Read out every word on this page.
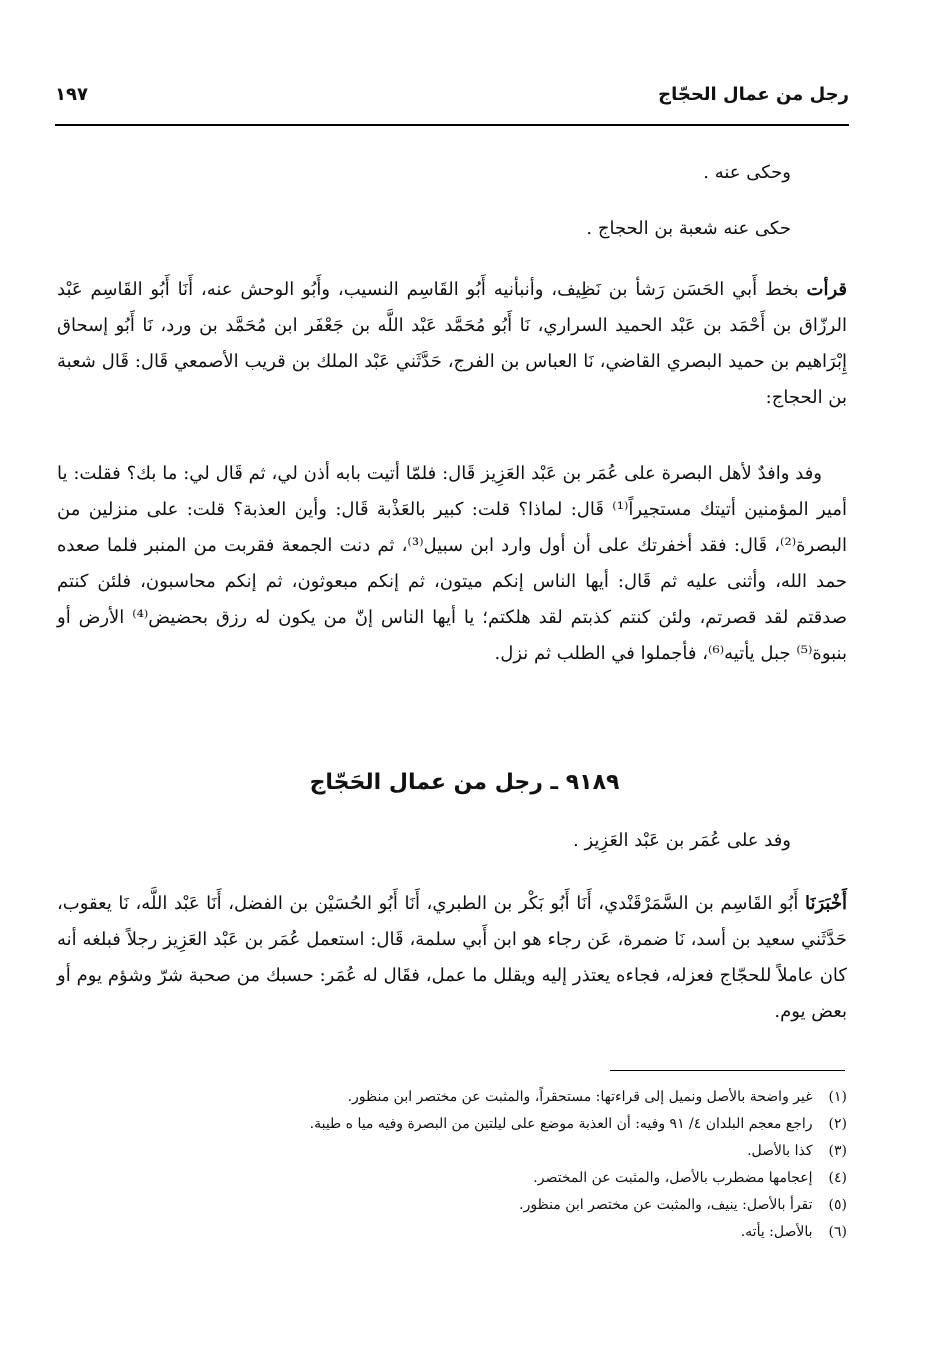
رجل من عمال الحجّاج
١٩٧
وحكى عنه .
حكى عنه شعبة بن الحجاج .
قرأت بخط أَبي الحَسَن رَشأ بن نَظِيف، وأنبأنيه أَبُو القَاسِم النسيب، وأَبُو الوحش عنه، أَنَا أَبُو القَاسِم عَبْد الرزّاق بن أَحْمَد بن عَبْد الحميد السراري، نَا أَبُو مُحَمَّد عَبْد اللَّه بن جَعْفَر ابن مُحَمَّد بن ورد، نَا أَبُو إسحاق إِبْرَاهيم بن حميد البصري القاضي، نَا العباس بن الفرج، حَدَّثَني عَبْد الملك بن قريب الأصمعي قَال: قَال شعبة بن الحجاج:
وفد وافدٌ لأهل البصرة على عُمَر بن عَبْد العَزِيز قَال: فلمّا أتيت بابه أذن لي، ثم قَال لي: ما بك؟ فقلت: يا أمير المؤمنين أتيتك مستجيراً⁽¹⁾ قَال: لماذا؟ قلت: كبير بالعَذْبة قَال: وأين العذبة؟ قلت: على منزلين من البصرة⁽²⁾، قَال: فقد أخفرتك على أن أول وارد ابن سبيل⁽³⁾، ثم دنت الجمعة فقربت من المنبر فلما صعده حمد الله، وأثنى عليه ثم قَال: أيها الناس إنكم ميتون، ثم إنكم مبعوثون، ثم إنكم محاسبون، فلئن كنتم صدقتم لقد قصرتم، ولئن كنتم كذبتم لقد هلكتم؛ يا أيها الناس إنّ من يكون له رزق بحضيض⁽⁴⁾ الأرض أو بنبوة⁽⁵⁾ جبل يأتيه⁽⁶⁾، فأجملوا في الطلب ثم نزل.
٩١٨٩ ـ رجل من عمال الحَجّاج
وفد على عُمَر بن عَبْد العَزِيز .
أَخْبَرَنَا أَبُو القَاسِم بن السَّمَرْقَنْدي، أَنَا أَبُو بَكْر بن الطبري، أَنَا أَبُو الحُسَيْن بن الفضل، أَنَا عَبْد اللَّه، نَا يعقوب، حَدَّثَني سعيد بن أسد، نَا ضمرة، عَن رجاء هو ابن أَبي سلمة، قَال: استعمل عُمَر بن عَبْد العَزِيز رجلاً فبلغه أنه كان عاملاً للحجّاج فعزله، فجاءه يعتذر إليه ويقلل ما عمل، فقَال له عُمَر: حسبك من صحبة شرّ وشؤم يوم أو بعض يوم.
(١) غير واضحة بالأصل ونميل إلى قراءتها: مستحقراً، والمثبت عن مختصر ابن منظور.
(٢) راجع معجم البلدان ٤/ ٩١ وفيه: أن العذبة موضع على ليلتين من البصرة وفيه ميا ه طيبة.
(٣) كذا بالأصل.
(٤) إعجامها مضطرب بالأصل، والمثبت عن المختصر.
(٥) تقرأ بالأصل: ينيف، والمثبت عن مختصر ابن منظور.
(٦) بالأصل: يأته.
